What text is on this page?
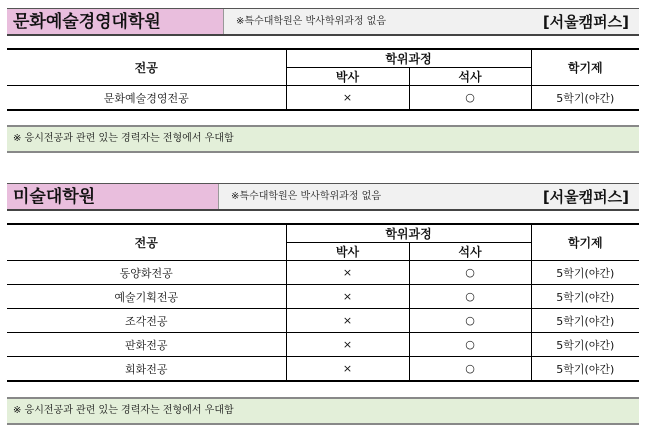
문화예술경영대학원	※특수대학원은 박사학위과정 없음	[서울캠퍼스]
전공	학위과정		학기제
	박사	석사	
문화예술경영전공	×	○	5학기(야간)
※ 응시전공과 관련 있는 경력자는 전형에서 우대함
미술대학원	※특수대학원은 박사학위과정 없음	[서울캠퍼스]
전공	학위과정		학기제
	박사	석사	
동양화전공	×	○	5학기(야간)
예술기획전공	×	○	5학기(야간)
조각전공	×	○	5학기(야간)
판화전공	×	○	5학기(야간)
회화전공	×	○	5학기(야간)
※ 응시전공과 관련 있는 경력자는 전형에서 우대함
